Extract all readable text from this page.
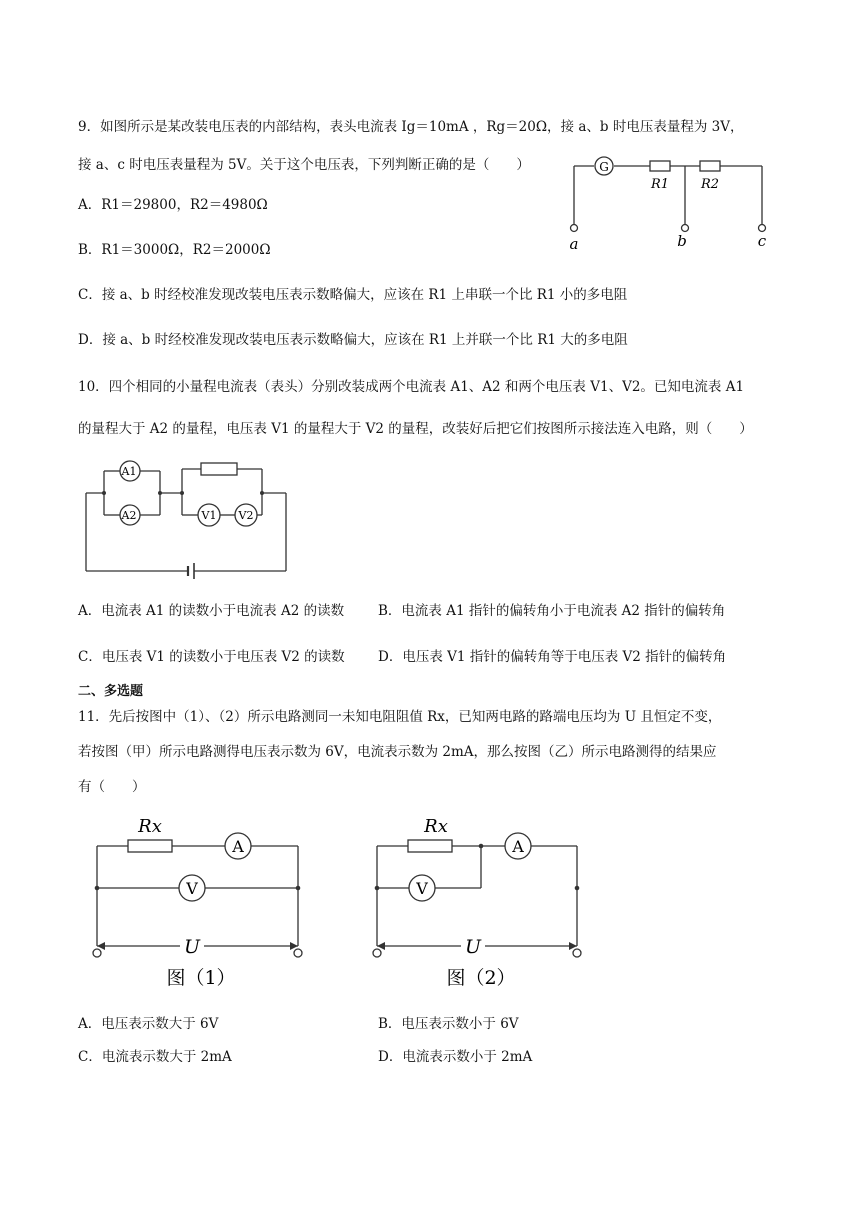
9．如图所示是某改装电压表的内部结构，表头电流表 Ig＝10mA ，Rg＝20Ω，接 a、b 时电压表量程为 3V，
接 a、c 时电压表量程为 5V。关于这个电压表，下列判断正确的是（　　）
A．R1＝29800，R2＝4980Ω
B．R1＝3000Ω，R2＝2000Ω
C．接 a、b 时经校准发现改装电压表示数略偏大，应该在 R1 上串联一个比 R1 小的多电阻
D．接 a、b 时经校准发现改装电压表示数略偏大，应该在 R1 上并联一个比 R1 大的多电阻
G
R1 R2
a	b	c
10．四个相同的小量程电流表（表头）分别改装成两个电流表 A1、A2 和两个电压表 V1、V2。已知电流表 A1
的量程大于 A2 的量程，电压表 V1 的量程大于 V2 的量程，改装好后把它们按图所示接法连入电路，则（　　）
A1
A2	V1 V2
A．电流表 A1 的读数小于电流表 A2 的读数	B．电流表 A1 指针的偏转角小于电流表 A2 指针的偏转角
C．电压表 V1 的读数小于电压表 V2 的读数 D．电压表 V1 指针的偏转角等于电压表 V2 指针的偏转角
二、多选题
11．先后按图中（1）、（2）所示电路测同一未知电阻阻值 Rx，已知两电路的路端电压均为 U 且恒定不变，
若按图（甲）所示电路测得电压表示数为 6V，电流表示数为 2mA，那么按图（乙）所示电路测得的结果应
有（　　）
Rx
A
V
U
图（1）
Rx
A
V
U
图（2）
A．电压表示数大于 6V	B．电压表示数小于 6V
C．电流表示数大于 2mA	D．电流表示数小于 2mA
